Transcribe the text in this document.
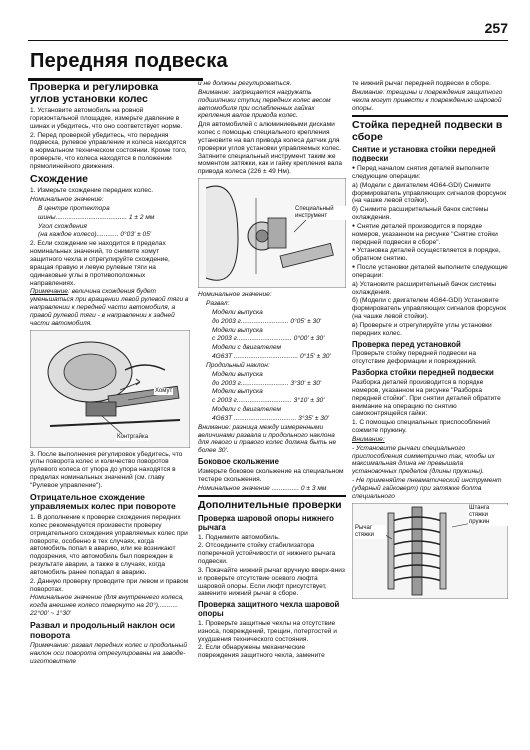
257
Передняя подвеска
Проверка и регулировка углов установки колес

1. Установите автомобиль на ровной горизонтальной площадке, измерьте давление в шинах и убедитесь, что оно соответствует норме.

2. Перед проверкой убедитесь, что передняя подвеска, рулевое управление и колеса находятся в нормальном техническом состоянии. Кроме того, проверьте, что колеса находятся в положении прямолинейного движения.

Схождение

1. Измерьте схождение передних колес.

Номинальное значение:

В центре протектора

шины....................................... 1 ± 2 мм

Угол схождения

(на каждое колесо)............ 0°03' ± 05'

2. Если схождение не находится в пределах номинальных значений, то снимите хомут защитного чехла и отрегулируйте схождение, вращая правую и левую рулевые тяги на одинаковые углы в противоположных направлениях.

Примечание: величина схождения будет уменьшаться при вращении левой рулевой тяги в направлении к передней части автомобиля, а правой рулевой тяги - в направлении к задней части автомобиля.

Хомут
Контргайка

3. После выполнения регулировок убедитесь, что углы поворота колес и количество поворотов рулевого колеса от упора до упора находятся в пределах номинальных значений (см. главу "Рулевое управление").

Отрицательное схождение управляемых колес при повороте

1. В дополнение к проверке схождения передних колес рекомендуется произвести проверку отрицательного схождения управляемых колес при повороте, особенно в тех случаях, когда автомобиль попал в аварию, или же возникают подозрения, что автомобиль был поврежден в результате аварии, а также в случаях, когда автомобиль ранее попадал в аварию.

2. Данную проверку проводите при левом и правом поворотах.

Номинальное значение (для внутреннего колеса, когда внешнее колесо повернуто на 20°)........... 22°00' ~ 1°30'

Развал и продольный наклон оси поворота

Примечание: развал передних колес и продольный наклон оси поворота отрегулированы на заводе-изготовителе

и не должны регулироваться.

Внимание: запрещается нагружать подшипники ступиц передних колес весом автомобиля при ослабленных гайках крепления валов привода колес.

Для автомобилей с алюминиевыми дисками колес с помощью специального крепления установите на вал привода колеса датчик для проверки углов установки управляемых колес. Затяните специальный инструмент таким же моментом затяжки, как и гайку крепления вала привода колеса (226 ± 49 Нм).

Специальный инструмент

Номинальное значение:

Развал:

Модели выпуска

до 2003 г.......................... 0°05' ± 30'

Модели выпуска

с 2003 г.............................. 0°00' ± 30'

Модели с двигателем

4G63T ................................... 0°15' ± 30'

Продольный наклон:

Модели выпуска

до 2003 г.......................... 3°30' ± 30'

Модели выпуска

с 2003 г.............................. 3°10' ± 30'

Модели с двигателем

4G63T .................................. 3°35' ± 30'

Внимание: разница между измеренными величинами развала и продольного наклона для левого и правого колес должна быть не более 30'.

Боковое скольжение

Измерьте боковое скольжение на специальном тестере скольжения.

Номинальное значение ............... 0 ± 3 мм

Дополнительные проверки
Проверка шаровой опоры нижнего рычага

1. Поднимите автомобиль.

2. Отсоедините стойку стабилизатора поперечной устойчивости от нижнего рычага подвески.

3. Покачайте нижний рычаг вручную вверх-вниз и проверьте отсутствие осевого люфта шаровой опоры. Если люфт присутствует, замените нижний рычаг в сборе.

Проверка защитного чехла шаровой опоры

1. Проверьте защитные чехлы на отсутствие износа, повреждений, трещин, потертостей и ухудшения технического состояния.

2. Если обнаружены механические повреждения защитного чехла, замените

те нижний рычаг передней подвески в сборе.

Внимание: трещины и повреждения защитного чехла могут привести к повреждению шаровой опоры.

Стойка передней подвески в сборе
Снятие и установка стойки передней подвески

● Перед началом снятия деталей выполните следующие операции:

а) (Модели с двигателем 4G64-GDI) Снимите формирователь управляющих сигналов форсунок (на чашке левой стойки).

б) Снимите расширительный бачок системы охлаждения.

● Снятие деталей производится в порядке номеров, указанном на рисунке "Снятие стойки передней подвески в сборе".

● Установка деталей осуществляется в порядке, обратном снятию.

● После установки деталей выполните следующие операции:

а) Установите расширительный бачок системы охлаждения.

б) (Модели с двигателем 4G64-GDI) Установите формирователь управляющих сигналов форсунок (на чашке левой стойки).

в) Проверьте и отрегулируйте углы установки передних колес.

Проверка перед установкой

Проверьте стойку передней подвески на отсутствие деформации и повреждений.

Разборка стойки передней подвески

Разборка деталей производится в порядке номеров, указанном на рисунке "Разборка передней стойки". При снятии деталей обратите внимание на операцию по снятию самоконтрящейся гайки:

1. С помощью специальных приспособлений сожмите пружину.

Внимание:

- Установите рычаги специального приспособления симметрично так, чтобы их максимальная длина не превышала установочных пределов (длины пружины).

- Не применяйте пневматический инструмент (ударный гайковерт) при затяжке болта специального

Рычаг стяжки
Штанга стяжки пружин
